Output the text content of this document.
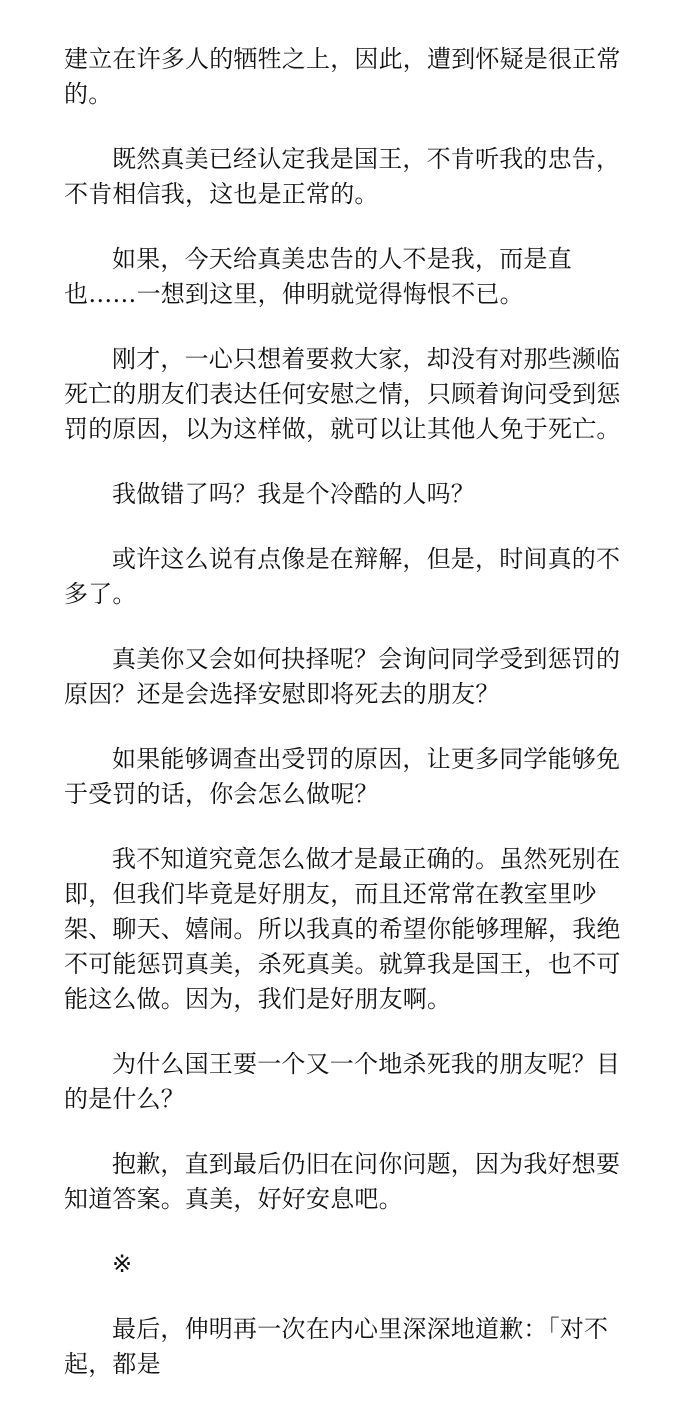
建立在许多人的牺牲之上，因此，遭到怀疑是很正常的。

既然真美已经认定我是国王，不肯听我的忠告，不肯相信我，这也是正常的。

如果，今天给真美忠告的人不是我，而是直也……一想到这里，伸明就觉得悔恨不已。

刚才，一心只想着要救大家，却没有对那些濒临死亡的朋友们表达任何安慰之情，只顾着询问受到惩罚的原因，以为这样做，就可以让其他人免于死亡。

我做错了吗？我是个冷酷的人吗？

或许这么说有点像是在辩解，但是，时间真的不多了。

真美你又会如何抉择呢？会询问同学受到惩罚的原因？还是会选择安慰即将死去的朋友？

如果能够调查出受罚的原因，让更多同学能够免于受罚的话，你会怎么做呢？

我不知道究竟怎么做才是最正确的。虽然死别在即，但我们毕竟是好朋友，而且还常常在教室里吵架、聊天、嬉闹。所以我真的希望你能够理解，我绝不可能惩罚真美，杀死真美。就算我是国王，也不可能这么做。因为，我们是好朋友啊。

为什么国王要一个又一个地杀死我的朋友呢？目的是什么？

抱歉，直到最后仍旧在问你问题，因为我好想要知道答案。真美，好好安息吧。

※

最后，伸明再一次在内心里深深地道歉：「对不起，都是
